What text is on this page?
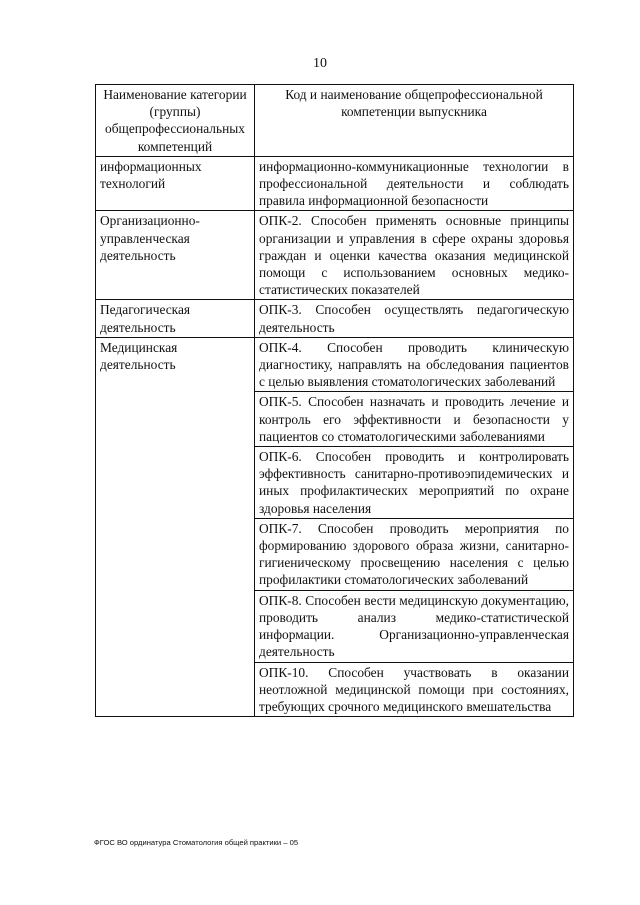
10
Наименование категории (группы) общепрофессиональных компетенций	Код и наименование общепрофессиональной компетенции выпускника
информационных технологий	информационно-коммуникационные технологии в профессиональной деятельности и соблюдать правила информационной безопасности
Организационно-управленческая деятельность	ОПК-2. Способен применять основные принципы организации и управления в сфере охраны здоровья граждан и оценки качества оказания медицинской помощи с использованием основных медико-статистических показателей
Педагогическая деятельность	ОПК-3. Способен осуществлять педагогическую деятельность
Медицинская деятельность	ОПК-4. Способен проводить клиническую диагностику, направлять на обследования пациентов с целью выявления стоматологических заболеваний
	ОПК-5. Способен назначать и проводить лечение и контроль его эффективности и безопасности у пациентов со стоматологическими заболеваниями
	ОПК-6. Способен проводить и контролировать эффективность санитарно-противоэпидемических и иных профилактических мероприятий по охране здоровья населения
	ОПК-7. Способен проводить мероприятия по формированию здорового образа жизни, санитарно-гигиеническому просвещению населения с целью профилактики стоматологических заболеваний
	ОПК-8. Способен вести медицинскую документацию, проводить анализ медико-статистической информации. Организационно-управленческая деятельность
	ОПК-10. Способен участвовать в оказании неотложной медицинской помощи при состояниях, требующих срочного медицинского вмешательства
ФГОС ВО ординатура Стоматология общей практики – 05
